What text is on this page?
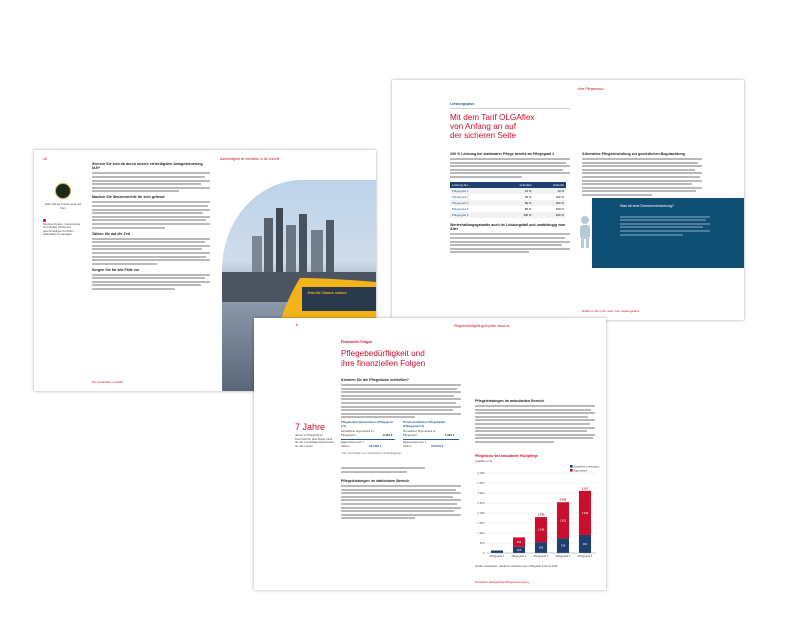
16	Nachhaltigkeit ist Investition in die Zukunft
aktiv hält die Fonds-rente auf Kurs
Niedrige Kosten, transparente und flexible Strukturen, geschmeidiges Portfolio – nachhaltig zu managen.
Sichern Sie sich ab durch unsere vielseitigsten Anlagesteuerung IAS+
Machen Sie Steuervorteile für sich geltend
Zählen Sie auf die Zeit
Sorgen Sie für alle Fälle vor
Jetzt die Chance nutzen!
Die Fondsfakt im Detail
Ihrer Pflegeschutz
Leistungsplus
Mit dem Tarif OLGAflex
von Anfang an auf
der sicheren Seite
100 % Leistung bei stationärer Pflege bereits ab Pflegegrad 2
Leistung bei ...	ambulant	stationär
Pflegegrad 1	10 %	10 %
Pflegegrad 2	30 %	100 %
Pflegegrad 3	50 %	100 %
Pflegegrad 4	80 %	100 %
Pflegegrad 5	100 %	100 %
Werterhaltungsgarantie auch im Leistungsfall und unabhängig vom Alter
Alternative Pflegeeinstufung zur gesetzlichen Begutachtung
Was ist eine Demenzerkrankung?
Erfahren Sie noch mehr zum Leistungsplus
8	Pflegebedürftigkeit geht jeden etwas an
Finanzielle Folgen
Pflegebedürftigkeit und
ihre finanziellen Folgen
7 Jahre
dauert im Pflegefall im Durchschnitt. Das kostet mehr als ein vorsichtiges Einkommen für das Leben!
Könnten Sie die Pflegelücke schließen?
Pflegebedarf Rentenhaben (Pflegegrad 2-5)
Durchschnittlicher Pflegebedarf (Pflegegrad 2-5)
Monatlicher Eigenanteil im Pflegeheim*	2.201 €
Monatlicher Eigenanteil im Pflegeheim*	1.916 €
Eigenanteil nach 7 Jahren	184.884 €
Eigenanteil nach 7 Jahren	160.944 €
* inkl. Pauschalen (u.a. Unterkunft und Verpflegung)
Pflegeleistungen im stationären Bereich
Pflegeleistungen im ambulanten Bereich
Pflegelücke bei ambulanter Fachpflege
Angaben in €
0
500
1.000
1.500
2.000
2.500
3.000
3.500
4.000
Staatliche Leistungen
Eigenanteil
Pflegegrad 1
316
463
Pflegegrad 2
545
1.249
1.794
Pflegegrad 3
728
1.812
2.540
Pflegegrad 4
901
2.206
3.107
Pflegegrad 5
Quelle: Assekurata · Studie zur Absicherung im Pflegefall, Februar 2020
OLGAflex Einzigartige Pflegeversorgung
